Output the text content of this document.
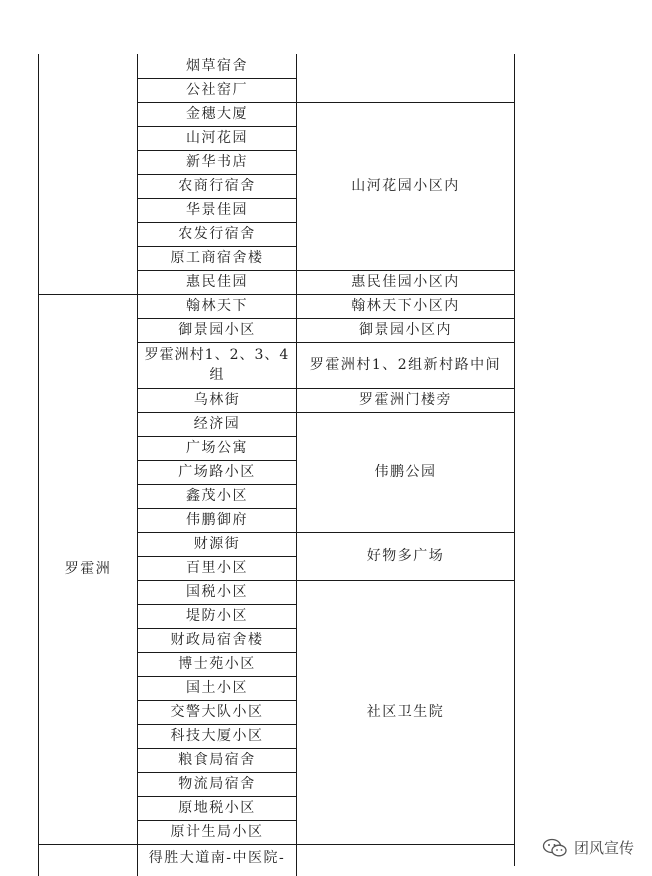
烟草宿舍
公社窑厂
金穗大厦
山河花园
新华书店
农商行宿舍
华景佳园
农发行宿舍
原工商宿舍楼
惠民佳园
翰林天下
御景园小区
罗霍洲村1、2、3、4组
乌林街
经济园
广场公寓
广场路小区
鑫茂小区
伟鹏御府
财源街
百里小区
国税小区
堤防小区
财政局宿舍楼
博士苑小区
国土小区
交警大队小区
科技大厦小区
粮食局宿舍
物流局宿舍
原地税小区
原计生局小区
得胜大道南-中医院-
山河花园小区内
惠民佳园小区内
翰林天下小区内
御景园小区内
罗霍洲村1、2组新村路中间
罗霍洲门楼旁
伟鹏公园
好物多广场
社区卫生院
罗霍洲
团风宣传
